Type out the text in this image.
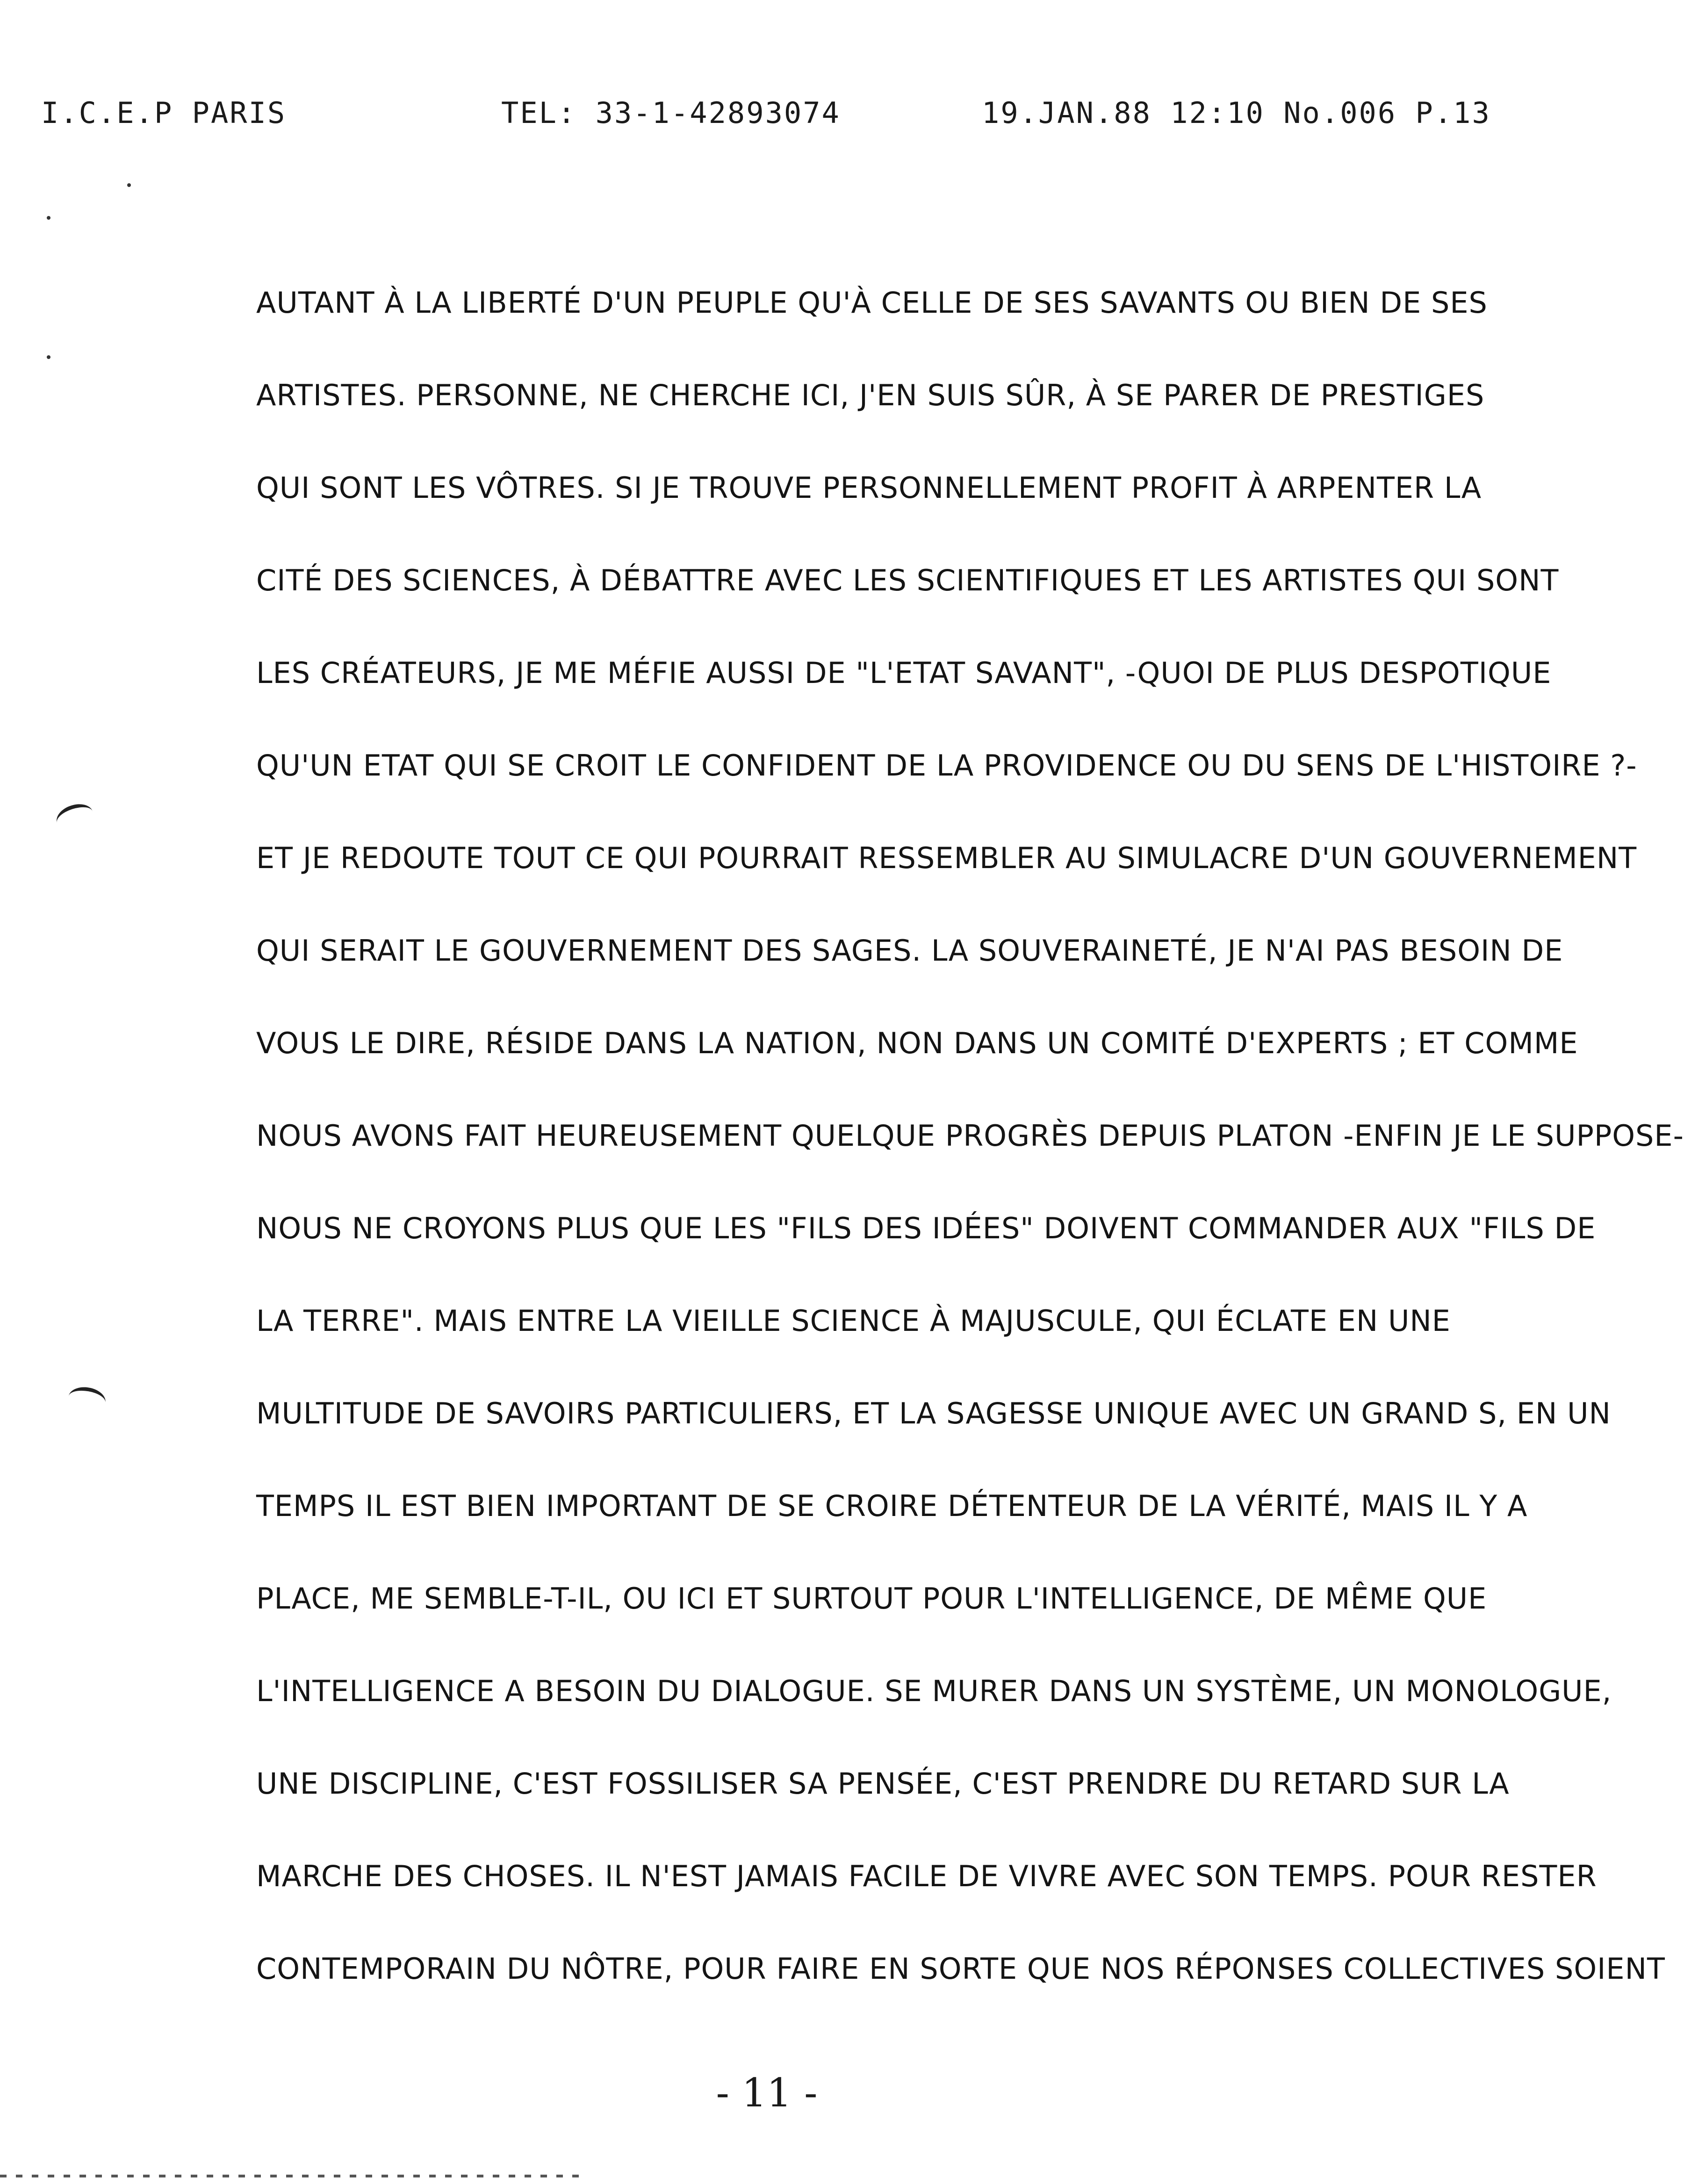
I.C.E.P PARIS	TEL: 33-1-42893074	19.JAN.88 12:10 No.006 P.13
AUTANT À LA LIBERTÉ D'UN PEUPLE QU'À CELLE DE SES SAVANTS OU BIEN DE SES
ARTISTES. PERSONNE, NE CHERCHE ICI, J'EN SUIS SÛR, À SE PARER DE PRESTIGES
QUI SONT LES VÔTRES. SI JE TROUVE PERSONNELLEMENT PROFIT À ARPENTER LA
CITÉ DES SCIENCES, À DÉBATTRE AVEC LES SCIENTIFIQUES ET LES ARTISTES QUI SONT
LES CRÉATEURS, JE ME MÉFIE AUSSI DE "L'ETAT SAVANT", -QUOI DE PLUS DESPOTIQUE
QU'UN ETAT QUI SE CROIT LE CONFIDENT DE LA PROVIDENCE OU DU SENS DE L'HISTOIRE ?-
ET JE REDOUTE TOUT CE QUI POURRAIT RESSEMBLER AU SIMULACRE D'UN GOUVERNEMENT
QUI SERAIT LE GOUVERNEMENT DES SAGES. LA SOUVERAINETÉ, JE N'AI PAS BESOIN DE
VOUS LE DIRE, RÉSIDE DANS LA NATION, NON DANS UN COMITÉ D'EXPERTS ; ET COMME
NOUS AVONS FAIT HEUREUSEMENT QUELQUE PROGRÈS DEPUIS PLATON -ENFIN JE LE SUPPOSE-
NOUS NE CROYONS PLUS QUE LES "FILS DES IDÉES" DOIVENT COMMANDER AUX "FILS DE
LA TERRE". MAIS ENTRE LA VIEILLE SCIENCE À MAJUSCULE, QUI ÉCLATE EN UNE
MULTITUDE DE SAVOIRS PARTICULIERS, ET LA SAGESSE UNIQUE AVEC UN GRAND S, EN UN
TEMPS IL EST BIEN IMPORTANT DE SE CROIRE DÉTENTEUR DE LA VÉRITÉ, MAIS IL Y A
PLACE, ME SEMBLE-T-IL, OU ICI ET SURTOUT POUR L'INTELLIGENCE, DE MÊME QUE
L'INTELLIGENCE A BESOIN DU DIALOGUE. SE MURER DANS UN SYSTÈME, UN MONOLOGUE,
UNE DISCIPLINE, C'EST FOSSILISER SA PENSÉE, C'EST PRENDRE DU RETARD SUR LA
MARCHE DES CHOSES. IL N'EST JAMAIS FACILE DE VIVRE AVEC SON TEMPS. POUR RESTER
CONTEMPORAIN DU NÔTRE, POUR FAIRE EN SORTE QUE NOS RÉPONSES COLLECTIVES SOIENT
- 11 -
